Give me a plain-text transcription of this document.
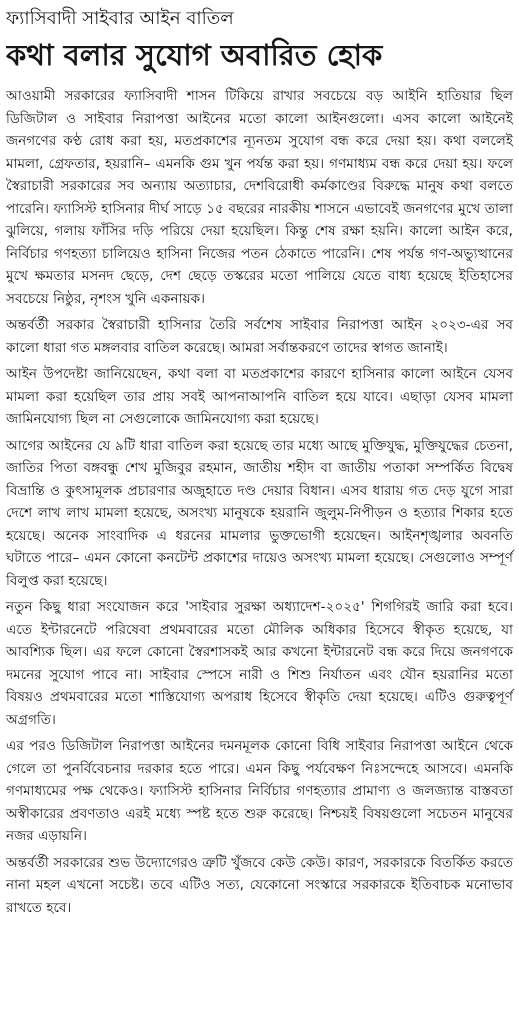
ফ্যাসিবাদী সাইবার আইন বাতিল
কথা বলার সুযোগ অবারিত হোক

আওয়ামী সরকারের ফ্যাসিবাদী শাসন টিকিয়ে রাখার সবচেয়ে বড় আইনি হাতিয়ার ছিল ডিজিটাল ও সাইবার নিরাপত্তা আইনের মতো কালো আইনগুলো। এসব কালো আইনেই জনগণের কণ্ঠ রোধ করা হয়, মতপ্রকাশের ন্যূনতম সুযোগ বন্ধ করে দেয়া হয়। কথা বললেই মামলা, গ্রেফতার, হয়রানি– এমনকি গুম খুন পর্যন্ত করা হয়। গণমাধ্যম বন্ধ করে দেয়া হয়। ফলে স্বৈরাচারী সরকারের সব অন্যায় অত্যাচার, দেশবিরোধী কর্মকাণ্ডের বিরুদ্ধে মানুষ কথা বলতে পারেনি। ফ্যাসিস্ট হাসিনার দীর্ঘ সাড়ে ১৫ বছরের নারকীয় শাসনে এভাবেই জনগণের মুখে তালা ঝুলিয়ে, গলায় ফাঁসির দড়ি পরিয়ে দেয়া হয়েছিল। কিন্তু শেষ রক্ষা হয়নি। কালো আইন করে, নির্বিচার গণহত্যা চালিয়েও হাসিনা নিজের পতন ঠেকাতে পারেনি। শেষ পর্যন্ত গণ-অভ্যুত্থানের মুখে ক্ষমতার মসনদ ছেড়ে, দেশ ছেড়ে তস্করের মতো পালিয়ে যেতে বাধ্য হয়েছে ইতিহাসের সবচেয়ে নিষ্ঠুর, নৃশংস খুনি একনায়ক।

অন্তর্বর্তী সরকার স্বৈরাচারী হাসিনার তৈরি সর্বশেষ সাইবার নিরাপত্তা আইন ২০২৩-এর সব কালো ধারা গত মঙ্গলবার বাতিল করেছে। আমরা সর্বান্তকরণে তাদের স্বাগত জানাই।

আইন উপদেষ্টা জানিয়েছেন, কথা বলা বা মতপ্রকাশের কারণে হাসিনার কালো আইনে যেসব মামলা করা হয়েছিল তার প্রায় সবই আপনাআপনি বাতিল হয়ে যাবে। এছাড়া যেসব মামলা জামিনযোগ্য ছিল না সেগুলোকে জামিনযোগ্য করা হয়েছে।

আগের আইনের যে ৯টি ধারা বাতিল করা হয়েছে তার মধ্যে আছে মুক্তিযুদ্ধ, মুক্তিযুদ্ধের চেতনা, জাতির পিতা বঙ্গবন্ধু শেখ মুজিবুর রহমান, জাতীয় শহীদ বা জাতীয় পতাকা সম্পর্কিত বিদ্বেষ বিভ্রান্তি ও কুৎসামূলক প্রচারণার অজুহাতে দণ্ড দেয়ার বিধান। এসব ধারায় গত দেড় যুগে সারা দেশে লাখ লাখ মামলা হয়েছে, অসংখ্য মানুষকে হয়রানি জুলুম-নিপীড়ন ও হত্যার শিকার হতে হয়েছে। অনেক সাংবাদিক এ ধরনের মামলার ভুক্তভোগী হয়েছেন। আইনশৃঙ্খলার অবনতি ঘটাতে পারে– এমন কোনো কনটেন্ট প্রকাশের দায়েও অসংখ্য মামলা হয়েছে। সেগুলোও সম্পূর্ণ বিলুপ্ত করা হয়েছে।

নতুন কিছু ধারা সংযোজন করে 'সাইবার সুরক্ষা অধ্যাদেশ-২০২৫' শিগগিরই জারি করা হবে। এতে ইন্টারনেটে পরিষেবা প্রথমবারের মতো মৌলিক অধিকার হিসেবে স্বীকৃত হয়েছে, যা আবশ্যিক ছিল। এর ফলে কোনো স্বৈরশাসকই আর কখনো ইন্টারনেট বন্ধ করে দিয়ে জনগণকে দমনের সুযোগ পাবে না। সাইবার স্পেসে নারী ও শিশু নির্যাতন এবং যৌন হয়রানির মতো বিষয়ও প্রথমবারের মতো শাস্তিযোগ্য অপরাধ হিসেবে স্বীকৃতি দেয়া হয়েছে। এটিও গুরুত্বপূর্ণ অগ্রগতি।

এর পরও ডিজিটাল নিরাপত্তা আইনের দমনমূলক কোনো বিধি সাইবার নিরাপত্তা আইনে থেকে গেলে তা পুনর্বিবেচনার দরকার হতে পারে। এমন কিছু পর্যবেক্ষণ নিঃসন্দেহে আসবে। এমনকি গণমাধ্যমের পক্ষ থেকেও। ফ্যাসিস্ট হাসিনার নির্বিচার গণহত্যার প্রামাণ্য ও জলজ্যান্ত বাস্তবতা অস্বীকারের প্রবণতাও এরই মধ্যে স্পষ্ট হতে শুরু করেছে। নিশ্চয়ই বিষয়গুলো সচেতন মানুষের নজর এড়ায়নি।

অন্তর্বর্তী সরকারের শুভ উদ্যোগেরও ত্রুটি খুঁজবে কেউ কেউ। কারণ, সরকারকে বিতর্কিত করতে নানা মহল এখনো সচেষ্ট। তবে এটিও সত্য, যেকোনো সংস্কারে সরকারকে ইতিবাচক মনোভাব রাখতে হবে।
